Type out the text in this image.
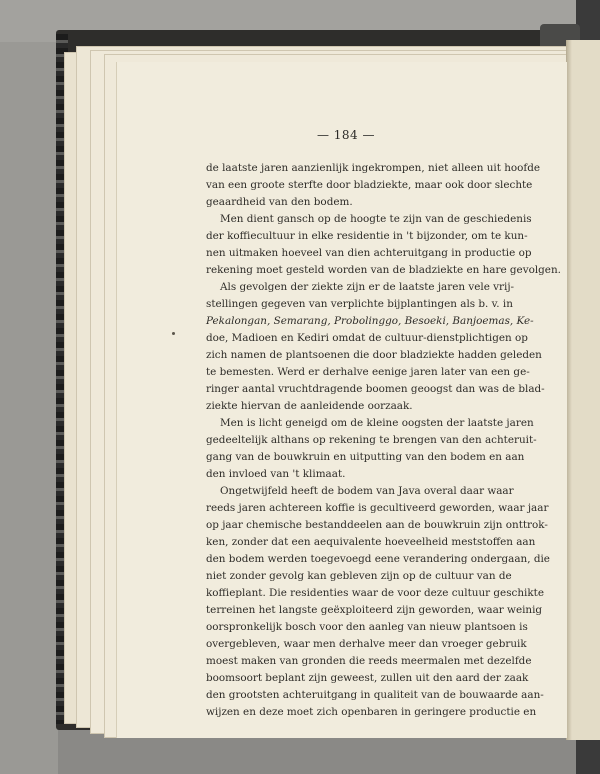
— 184 —
de laatste jaren aanzienlijk ingekrompen, niet alleen uit hoofde
van een groote sterfte door bladziekte, maar ook door slechte
geaardheid van den bodem.
Men dient gansch op de hoogte te zijn van de geschiedenis
der koffiecultuur in elke residentie in 't bijzonder, om te kun-
nen uitmaken hoeveel van dien achteruitgang in productie op
rekening moet gesteld worden van de bladziekte en hare gevolgen.
Als gevolgen der ziekte zijn er de laatste jaren vele vrij-
stellingen gegeven van verplichte bijplantingen als b. v. in
Pekalongan, Semarang, Probolinggo, Besoeki, Banjoemas, Ke-
doe, Madioen en Kediri omdat de cultuur-dienstplichtigen op
zich namen de plantsoenen die door bladziekte hadden geleden
te bemesten. Werd er derhalve eenige jaren later van een ge-
ringer aantal vruchtdragende boomen geoogst dan was de blad-
ziekte hiervan de aanleidende oorzaak.
Men is licht geneigd om de kleine oogsten der laatste jaren
gedeeltelijk althans op rekening te brengen van den achteruit-
gang van de bouwkruin en uitputting van den bodem en aan
den invloed van 't klimaat.
Ongetwijfeld heeft de bodem van Java overal daar waar
reeds jaren achtereen koffie is gecultiveerd geworden, waar jaar
op jaar chemische bestanddeelen aan de bouwkruin zijn onttrok-
ken, zonder dat een aequivalente hoeveelheid meststoffen aan
den bodem werden toegevoegd eene verandering ondergaan, die
niet zonder gevolg kan gebleven zijn op de cultuur van de
koffieplant. Die residenties waar de voor deze cultuur geschikte
terreinen het langste geëxploiteerd zijn geworden, waar weinig
oorspronkelijk bosch voor den aanleg van nieuw plantsoen is
overgebleven, waar men derhalve meer dan vroeger gebruik
moest maken van gronden die reeds meermalen met dezelfde
boomsoort beplant zijn geweest, zullen uit den aard der zaak
den grootsten achteruitgang in qualiteit van de bouwaarde aan-
wijzen en deze moet zich openbaren in geringere productie en
